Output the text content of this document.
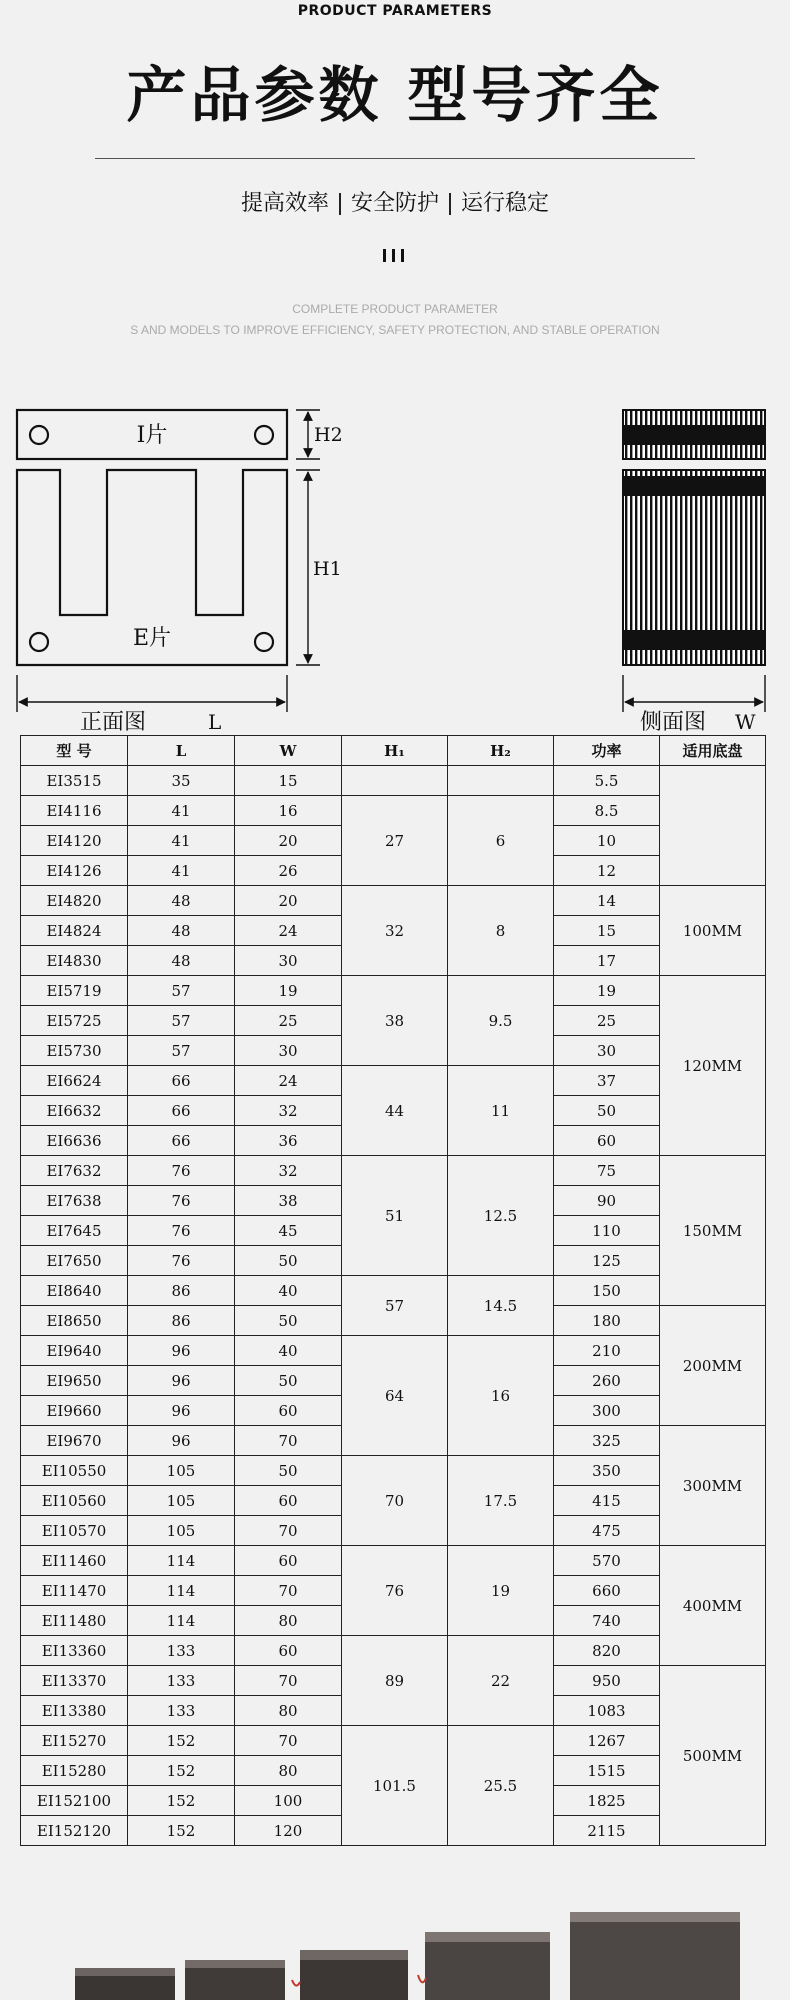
PRODUCT PARAMETERS
产品参数 型号齐全
提高效率 安全防护 运行稳定
COMPLETE PRODUCT PARAMETER
S AND MODELS TO IMPROVE EFFICIENCY, SAFETY PROTECTION, AND STABLE OPERATION
I片
E片
H2
H1
正面图	L	侧面图 W
型 号	L	W	H₁	H₂	功率	适用底盘
EI3515	35	15			5.5	
EI4116	41	16	27	6	8.5	
EI4120	41	20			10	
EI4126	41	26			12	
EI4820	48	20	32	8	14	100MM
EI4824	48	24			15	
EI4830	48	30			17	
EI5719	57	19	38	9.5	19	120MM
EI5725	57	25			25	
EI5730	57	30			30	
EI6624	66	24	44	11	37	
EI6632	66	32			50	
EI6636	66	36			60	
EI7632	76	32	51	12.5	75	150MM
EI7638	76	38			90	
EI7645	76	45			110	
EI7650	76	50			125	
EI8640	86	40	57	14.5	150	
EI8650	86	50			180	200MM
EI9640	96	40	64	16	210	
EI9650	96	50			260	
EI9660	96	60			300	
EI9670	96	70			325	300MM
EI10550	105	50	70	17.5	350	
EI10560	105	60			415	
EI10570	105	70			475	
EI11460	114	60	76	19	570	400MM
EI11470	114	70			660	
EI11480	114	80			740	
EI13360	133	60	89	22	820	
EI13370	133	70			950	500MM
EI13380	133	80			1083	
EI15270	152	70	101.5	25.5	1267	
EI15280	152	80			1515	
EI152100	152	100			1825	
EI152120	152	120			2115	
